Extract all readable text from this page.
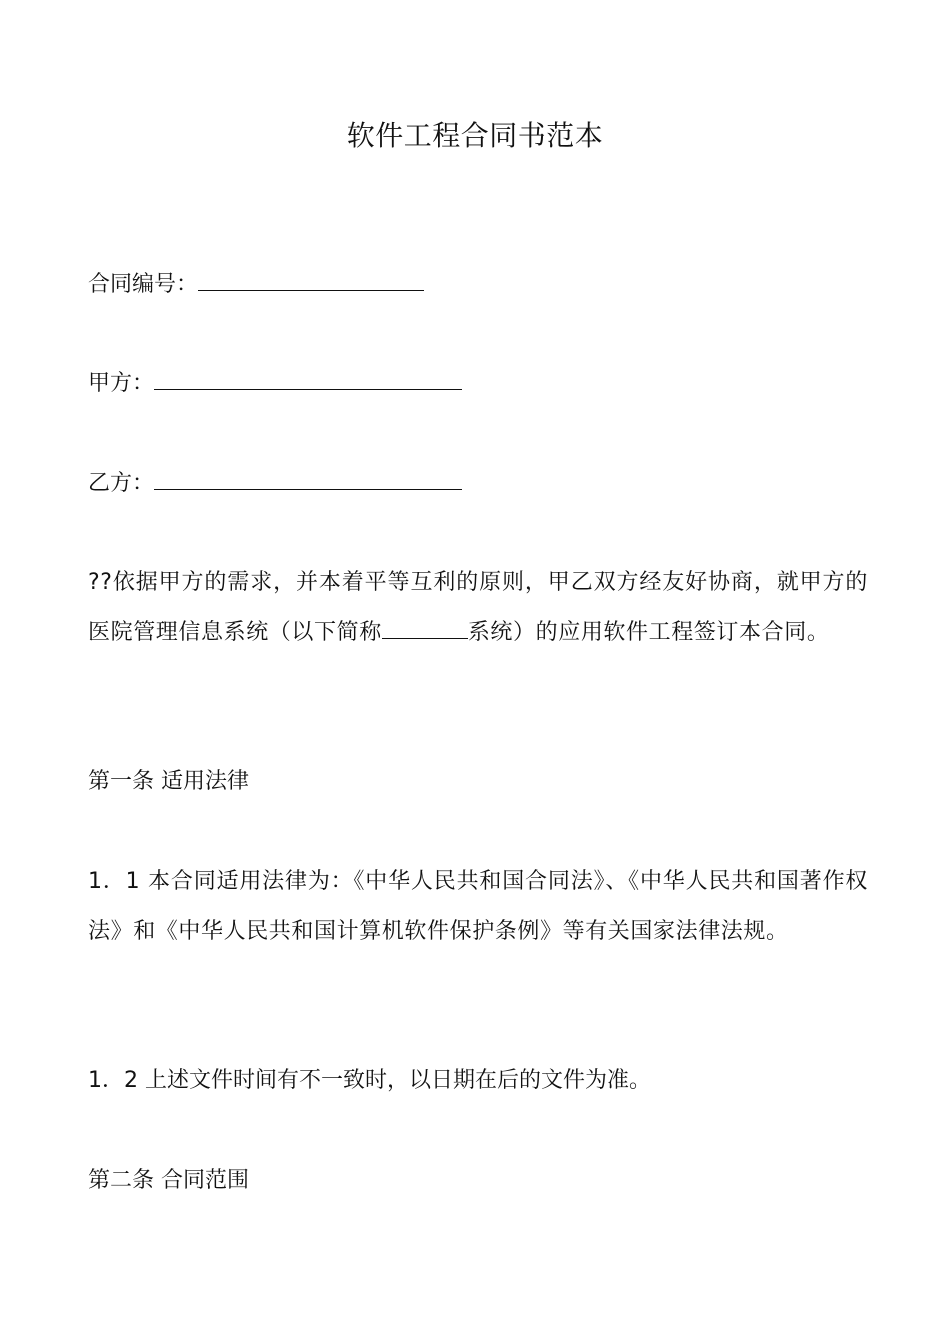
软件工程合同书范本

合同编号：

甲方：

乙方：

??依据甲方的需求，并本着平等互利的原则，甲乙双方经友好协商，就甲方的医院管理信息系统（以下简称	系统）的应用软件工程签订本合同。

第一条 适用法律

1．1 本合同适用法律为：《中华人民共和国合同法》、《中华人民共和国著作权法》和《中华人民共和国计算机软件保护条例》等有关国家法律法规。

1．2 上述文件时间有不一致时，以日期在后的文件为准。

第二条 合同范围
